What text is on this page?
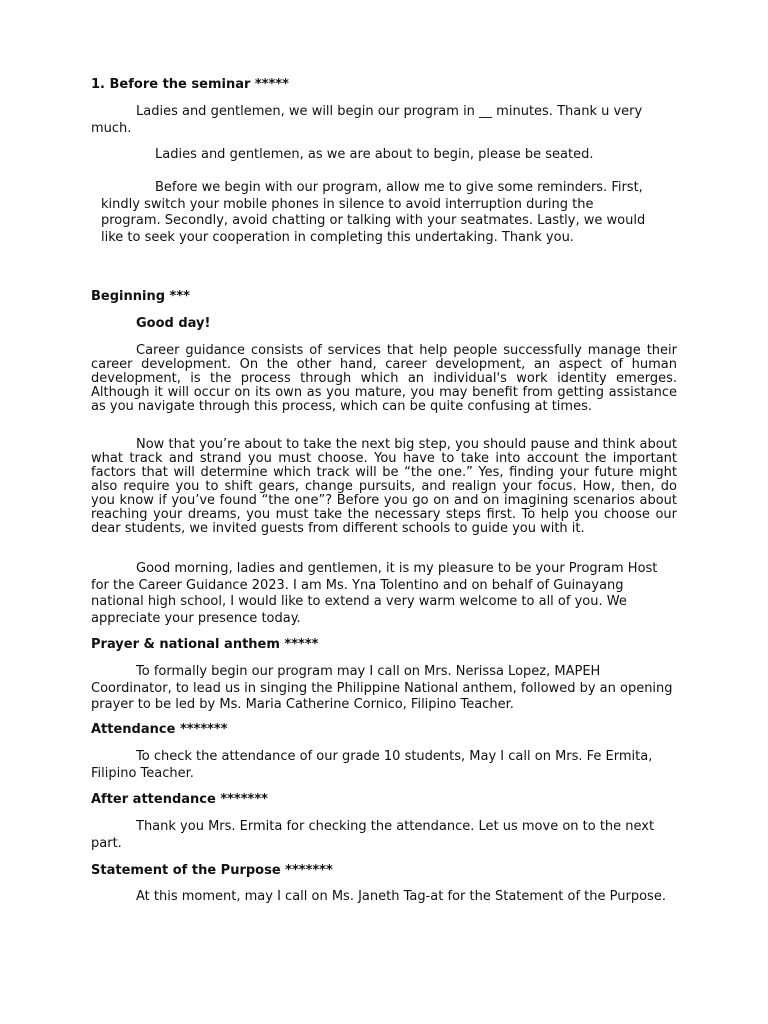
1. Before the seminar *****

Ladies and gentlemen, we will begin our program in __ minutes. Thank u very much.

Ladies and gentlemen, as we are about to begin, please be seated.

Before we begin with our program, allow me to give some reminders. First, kindly switch your mobile phones in silence to avoid interruption during the program. Secondly, avoid chatting or talking with your seatmates. Lastly, we would like to seek your cooperation in completing this undertaking. Thank you.

Beginning ***
Good day!

Career guidance consists of services that help people successfully manage their career development. On the other hand, career development, an aspect of human development, is the process through which an individual's work identity emerges. Although it will occur on its own as you mature, you may benefit from getting assistance as you navigate through this process, which can be quite confusing at times.

Now that you’re about to take the next big step, you should pause and think about what track and strand you must choose. You have to take into account the important factors that will determine which track will be “the one.” Yes, finding your future might also require you to shift gears, change pursuits, and realign your focus. How, then, do you know if you’ve found “the one”? Before you go on and on imagining scenarios about reaching your dreams, you must take the necessary steps first. To help you choose our dear students, we invited guests from different schools to guide you with it.

Good morning, ladies and gentlemen, it is my pleasure to be your Program Host for the Career Guidance 2023. I am Ms. Yna Tolentino and on behalf of Guinayang national high school, I would like to extend a very warm welcome to all of you. We appreciate your presence today.

Prayer & national anthem *****

To formally begin our program may I call on Mrs. Nerissa Lopez, MAPEH Coordinator, to lead us in singing the Philippine National anthem, followed by an opening prayer to be led by Ms. Maria Catherine Cornico, Filipino Teacher.

Attendance *******

To check the attendance of our grade 10 students, May I call on Mrs. Fe Ermita, Filipino Teacher.

After attendance *******

Thank you Mrs. Ermita for checking the attendance. Let us move on to the next part.

Statement of the Purpose *******

At this moment, may I call on Ms. Janeth Tag-at for the Statement of the Purpose.
